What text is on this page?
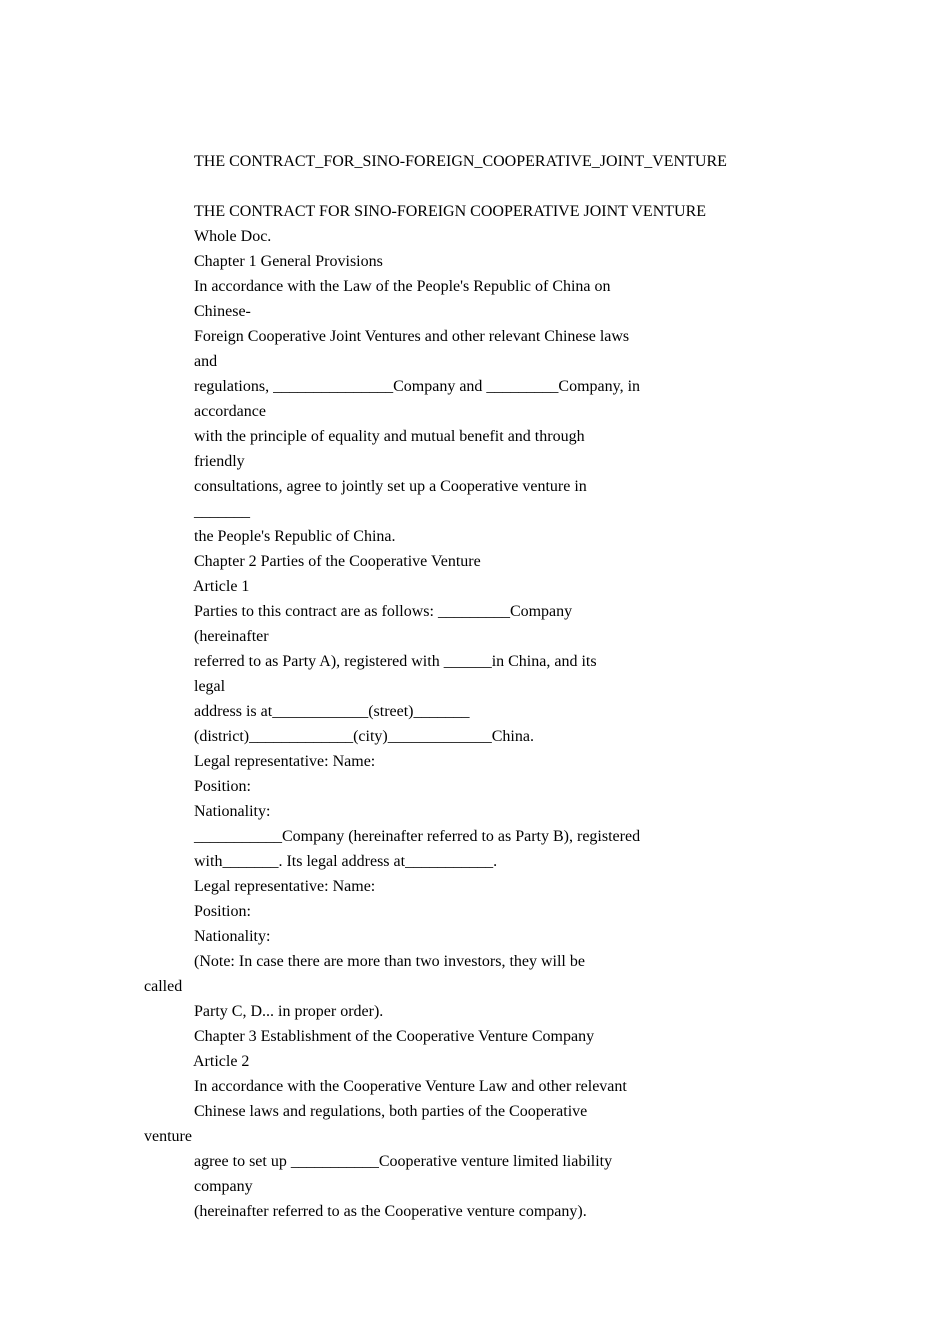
THE CONTRACT_FOR_SINO-FOREIGN_COOPERATIVE_JOINT_VENTURE
THE CONTRACT FOR SINO-FOREIGN COOPERATIVE JOINT VENTURE
Whole Doc.
Chapter 1 General Provisions
In accordance with the Law of the People's Republic of China on
Chinese-
Foreign Cooperative Joint Ventures and other relevant Chinese laws
and
regulations, _______________Company and _________Company, in
accordance
with the principle of equality and mutual benefit and through
friendly
consultations, agree to jointly set up a Cooperative venture in
_______
the People's Republic of China.
Chapter 2 Parties of the Cooperative Venture
Article 1
Parties to this contract are as follows: _________Company
(hereinafter
referred to as Party A), registered with ______in China, and its
legal
address is at____________(street)_______
(district)_____________(city)_____________China.
Legal representative: Name:
Position:
Nationality:
___________Company (hereinafter referred to as Party B), registered
with_______. Its legal address at___________.
Legal representative: Name:
Position:
Nationality:
(Note: In case there are more than two investors, they will be
called
Party C, D... in proper order).
Chapter 3 Establishment of the Cooperative Venture Company
Article 2
In accordance with the Cooperative Venture Law and other relevant
Chinese laws and regulations, both parties of the Cooperative
venture
agree to set up ___________Cooperative venture limited liability
company
(hereinafter referred to as the Cooperative venture company).
